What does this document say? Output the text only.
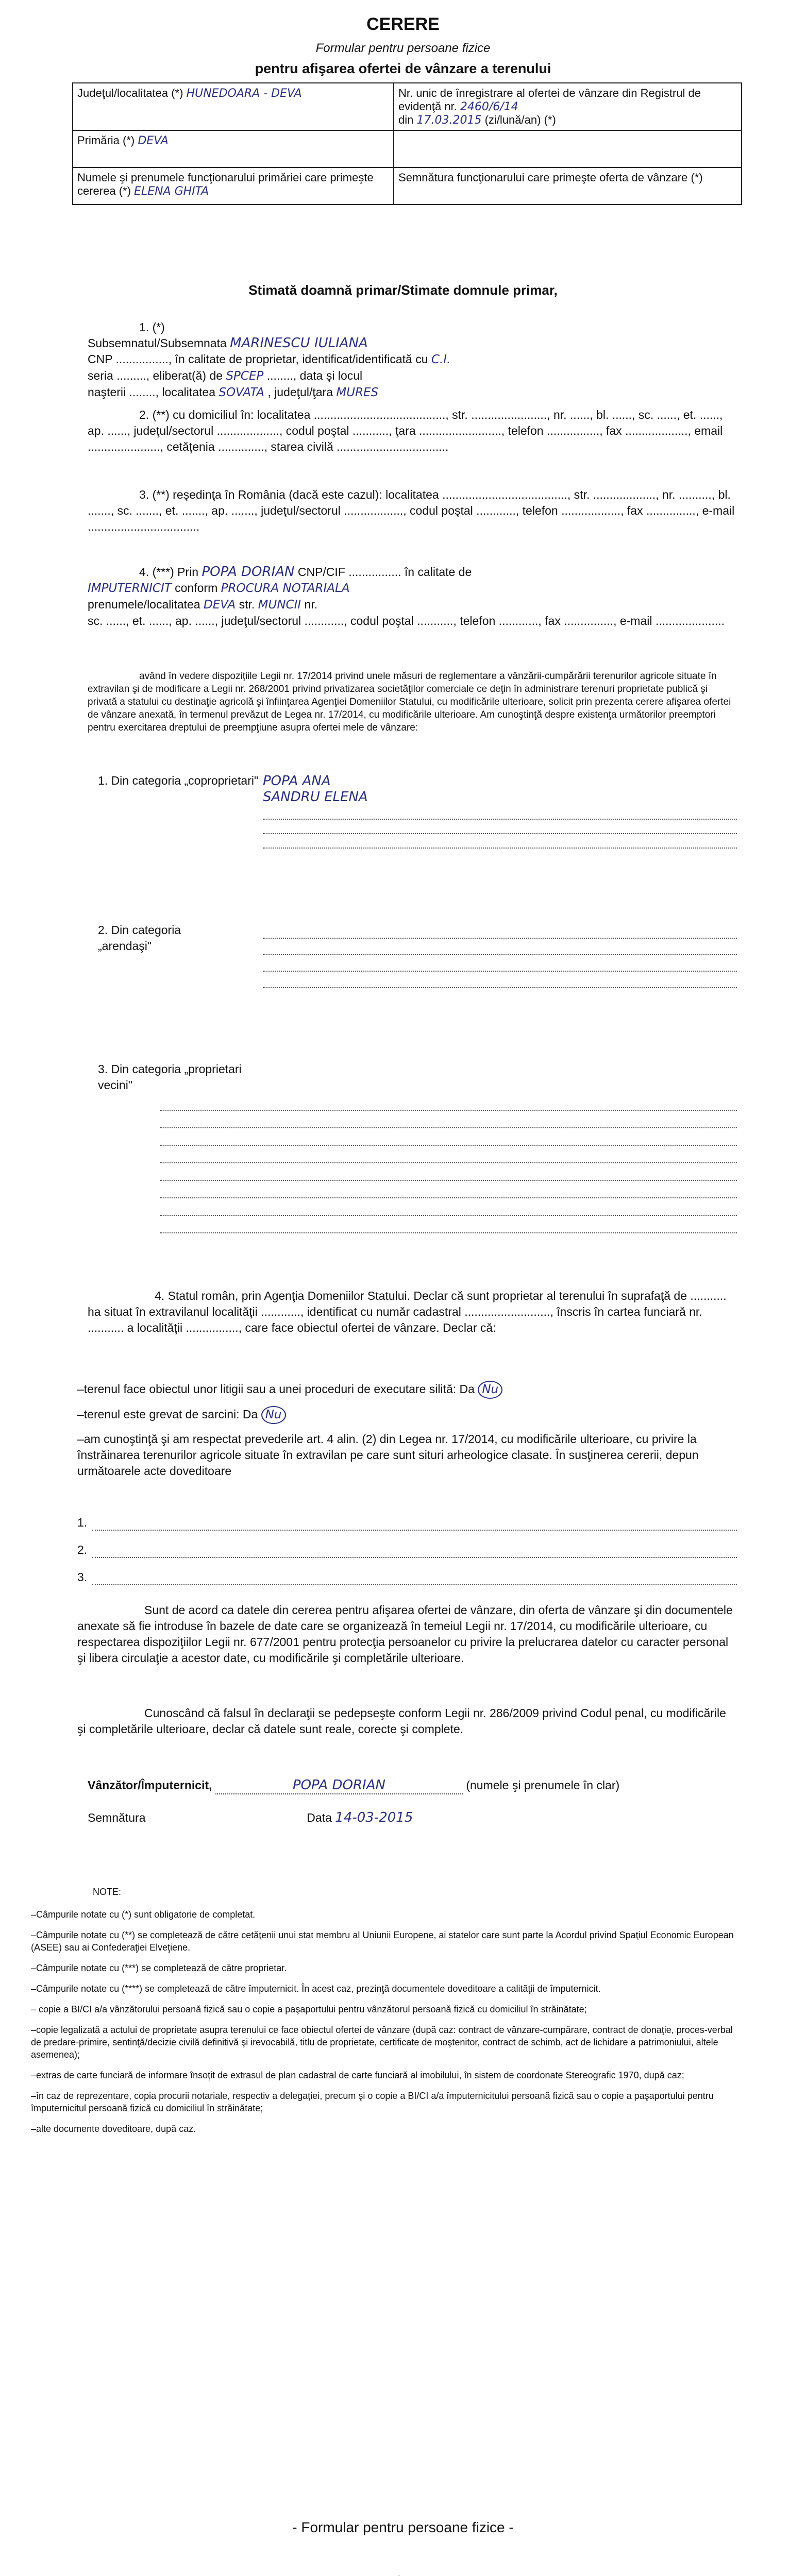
CERERE
Formular pentru persoane fizice
pentru afişarea ofertei de vânzare a terenului
Judeţul/localitatea (*) HUNEDOARA - DEVA	Nr. unic de înregistrare al ofertei de vânzare din Registrul de evidenţă nr. 2460/6/14
din 17.03.2015 (zi/lună/an) (*)
Primăria (*) DEVA	
Numele şi prenumele funcţionarului primăriei care primeşte cererea (*) ELENA GHITA	Semnătura funcţionarului care primeşte oferta de vânzare (*)
Stimată doamnă primar/Stimate domnule primar,
1. (*)
Subsemnatul/Subsemnata MARINESCU IULIANA
CNP ................, în calitate de proprietar, identificat/identificată cu C.I.
seria ........., eliberat(ă) de SPCEP ........, data şi locul
naşterii ........, localitatea SOVATA , judeţul/ţara MURES
2. (**) cu domiciliul în: localitatea ........................................, str. ......................., nr. ......, bl. ......, sc. ......, et. ......, ap. ......, judeţul/sectorul ..................., codul poştal ..........., ţara ........................., telefon ................, fax ..................., email ......................, cetăţenia .............., starea civilă ..................................
3. (**) reşedinţa în România (dacă este cazul): localitatea ......................................, str. ..................., nr. .........., bl. ......., sc. ......., et. ......., ap. ......., judeţul/sectorul .................., codul poştal ............, telefon .................., fax ..............., e-mail ..................................
4. (***) Prin POPA DORIAN CNP/CIF ................ în calitate de
IMPUTERNICIT conform PROCURA NOTARIALA
prenumele/localitatea DEVA str. MUNCII nr.
sc. ......, et. ......, ap. ......, judeţul/sectorul ............, codul poştal ..........., telefon ............, fax ..............., e-mail .....................
având în vedere dispoziţiile Legii nr. 17/2014 privind unele măsuri de reglementare a vânzării-cumpărării terenurilor agricole situate în extravilan şi de modificare a Legii nr. 268/2001 privind privatizarea societăţilor comerciale ce deţin în administrare terenuri proprietate publică şi privată a statului cu destinaţie agricolă şi înfiinţarea Agenţiei Domeniilor Statului, cu modificările ulterioare, solicit prin prezenta cerere afişarea ofertei de vânzare anexată, în termenul prevăzut de Legea nr. 17/2014, cu modificările ulterioare. Am cunoştinţă despre existenţa următorilor preemptori pentru exercitarea dreptului de preempţiune asupra ofertei mele de vânzare:
1. Din categoria „coproprietari" POPA ANA
SANDRU ELENA
2. Din categoria „arendaşi"
3. Din categoria „proprietari vecini"
4. Statul român, prin Agenţia Domeniilor Statului. Declar că sunt proprietar al terenului în suprafaţă de ........... ha situat în extravilanul localităţii ............, identificat cu număr cadastral .........................., înscris în cartea funciară nr. ........... a localităţii ................, care face obiectul ofertei de vânzare. Declar că:
–terenul face obiectul unor litigii sau a unei proceduri de executare silită: Da Nu
–terenul este grevat de sarcini: Da Nu
–am cunoştinţă şi am respectat prevederile art. 4 alin. (2) din Legea nr. 17/2014, cu modificările ulterioare, cu privire la înstrăinarea terenurilor agricole situate în extravilan pe care sunt situri arheologice clasate. În susţinerea cererii, depun următoarele acte doveditoare
1.
2.
3.
Sunt de acord ca datele din cererea pentru afişarea ofertei de vânzare, din oferta de vânzare şi din documentele anexate să fie introduse în bazele de date care se organizează în temeiul Legii nr. 17/2014, cu modificările ulterioare, cu respectarea dispoziţiilor Legii nr. 677/2001 pentru protecţia persoanelor cu privire la prelucrarea datelor cu caracter personal şi libera circulaţie a acestor date, cu modificările şi completările ulterioare.
Cunoscând că falsul în declaraţii se pedepseşte conform Legii nr. 286/2009 privind Codul penal, cu modificările şi completările ulterioare, declar că datele sunt reale, corecte şi complete.
Vânzător/Împuternicit,	POPA DORIAN	(numele şi prenumele în clar)
Semnătura	Data 14-03-2015
NOTE:
–Câmpurile notate cu (*) sunt obligatorie de completat.
–Câmpurile notate cu (**) se completează de către cetăţenii unui stat membru al Uniunii Europene, ai statelor care sunt parte la Acordul privind Spaţiul Economic European (ASEE) sau ai Confederaţiei Elveţiene.
–Câmpurile notate cu (***) se completează de către proprietar.
–Câmpurile notate cu (****) se completează de către împuternicit. În acest caz, prezinţă documentele doveditoare a calităţii de împuternicit.
– copie a BI/CI a/a vânzătorului persoană fizică sau o copie a paşaportului pentru vânzătorul persoană fizică cu domiciliul în străinătate;
–copie legalizată a actului de proprietate asupra terenului ce face obiectul ofertei de vânzare (după caz: contract de vânzare-cumpărare, contract de donaţie, proces-verbal de predare-primire, sentinţă/decizie civilă definitivă şi irevocabilă, titlu de proprietate, certificate de moştenitor, contract de schimb, act de lichidare a patrimoniului, altele asemenea);
–extras de carte funciară de informare însoţit de extrasul de plan cadastral de carte funciară al imobilului, în sistem de coordonate Stereografic 1970, după caz;
–în caz de reprezentare, copia procurii notariale, respectiv a delegaţiei, precum şi o copie a BI/CI a/a împuternicitului persoană fizică sau o copie a paşaportului pentru împuternicitul persoană fizică cu domiciliul în străinătate;
–alte documente doveditoare, după caz.
- Formular pentru persoane fizice -
